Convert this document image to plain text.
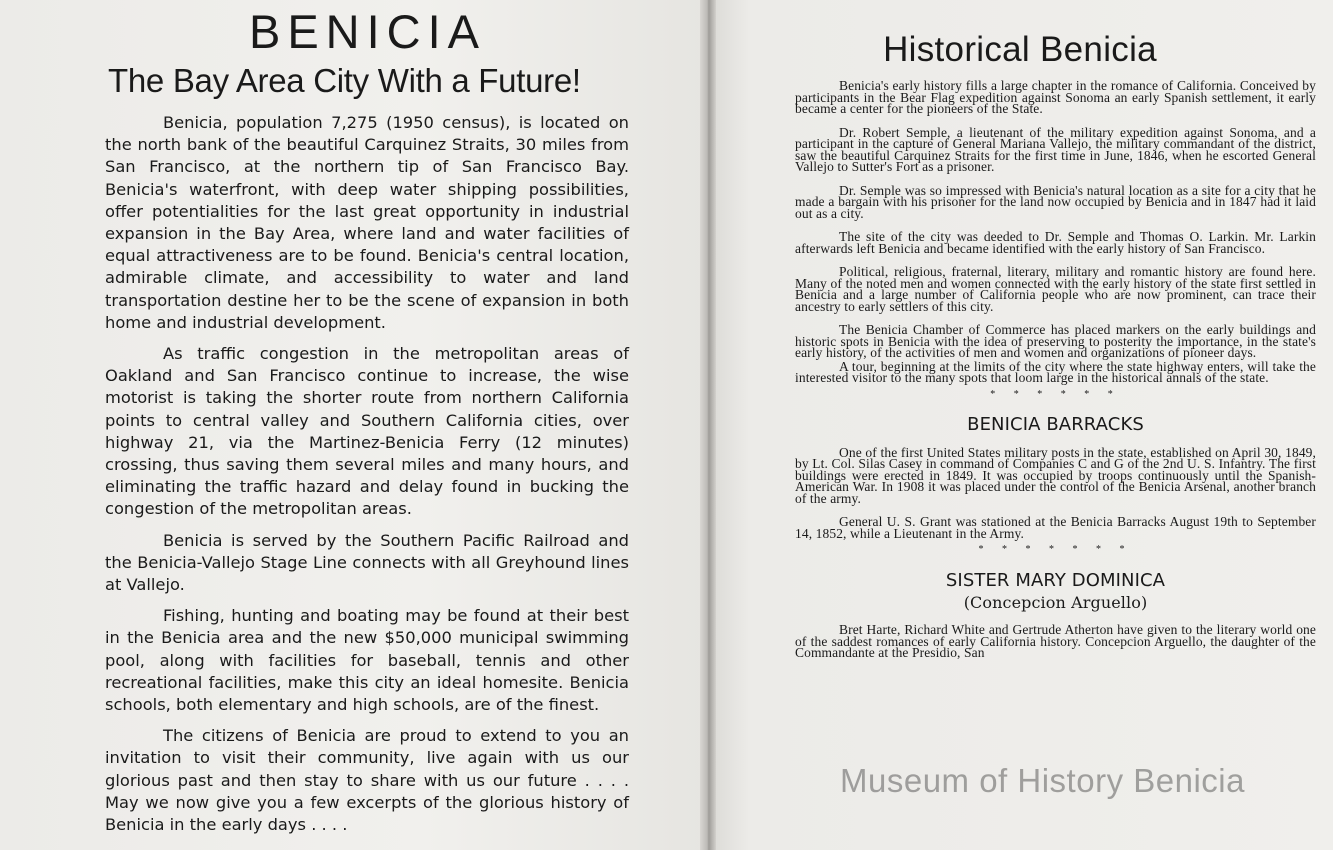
BENICIA
The Bay Area City With a Future!

Benicia, population 7,275 (1950 census), is located on the north bank of the beautiful Carquinez Straits, 30 miles from San Francisco, at the northern tip of San Francisco Bay. Benicia's waterfront, with deep water shipping possibilities, offer potentialities for the last great opportunity in industrial expansion in the Bay Area, where land and water facilities of equal attractiveness are to be found. Benicia's central location, admirable climate, and accessibility to water and land transportation destine her to be the scene of expansion in both home and industrial development.

As traffic congestion in the metropolitan areas of Oakland and San Francisco continue to increase, the wise motorist is taking the shorter route from northern California points to central valley and Southern California cities, over highway 21, via the Martinez-Benicia Ferry (12 minutes) crossing, thus saving them several miles and many hours, and eliminating the traffic hazard and delay found in bucking the congestion of the metropolitan areas.

Benicia is served by the Southern Pacific Railroad and the Benicia-Vallejo Stage Line connects with all Greyhound lines at Vallejo.

Fishing, hunting and boating may be found at their best in the Benicia area and the new $50,000 municipal swimming pool, along with facilities for baseball, tennis and other recreational facilities, make this city an ideal homesite. Benicia schools, both elementary and high schools, are of the finest.

The citizens of Benicia are proud to extend to you an invitation to visit their community, live again with us our glorious past and then stay to share with us our future . . . . May we now give you a few excerpts of the glorious history of Benicia in the early days . . . .

Historical Benicia

Benicia's early history fills a large chapter in the romance of California. Conceived by participants in the Bear Flag expedition against Sonoma an early Spanish settlement, it early became a center for the pioneers of the State.

Dr. Robert Semple, a lieutenant of the military expedition against Sonoma, and a participant in the capture of General Mariana Vallejo, the military commandant of the district, saw the beautiful Carquinez Straits for the first time in June, 1846, when he escorted General Vallejo to Sutter's Fort as a prisoner.

Dr. Semple was so impressed with Benicia's natural location as a site for a city that he made a bargain with his prisoner for the land now occupied by Benicia and in 1847 had it laid out as a city.

The site of the city was deeded to Dr. Semple and Thomas O. Larkin. Mr. Larkin afterwards left Benicia and became identified with the early history of San Francisco.

Political, religious, fraternal, literary, military and romantic history are found here. Many of the noted men and women connected with the early history of the state first settled in Benicia and a large number of California people who are now prominent, can trace their ancestry to early settlers of this city.

The Benicia Chamber of Commerce has placed markers on the early buildings and historic spots in Benicia with the idea of preserving to posterity the importance, in the state's early history, of the activities of men and women and organizations of pioneer days.

A tour, beginning at the limits of the city where the state highway enters, will take the interested visitor to the many spots that loom large in the historical annals of the state.

* * * * * *
BENICIA BARRACKS

One of the first United States military posts in the state, established on April 30, 1849, by Lt. Col. Silas Casey in command of Companies C and G of the 2nd U. S. Infantry. The first buildings were erected in 1849. It was occupied by troops continuously until the Spanish-American War. In 1908 it was placed under the control of the Benicia Arsenal, another branch of the army.

General U. S. Grant was stationed at the Benicia Barracks August 19th to September 14, 1852, while a Lieutenant in the Army.

* * * * * * *
SISTER MARY DOMINICA
(Concepcion Arguello)

Bret Harte, Richard White and Gertrude Atherton have given to the literary world one of the saddest romances of early California history. Concepcion Arguello, the daughter of the Commandante at the Presidio, San

Museum of History Benicia
